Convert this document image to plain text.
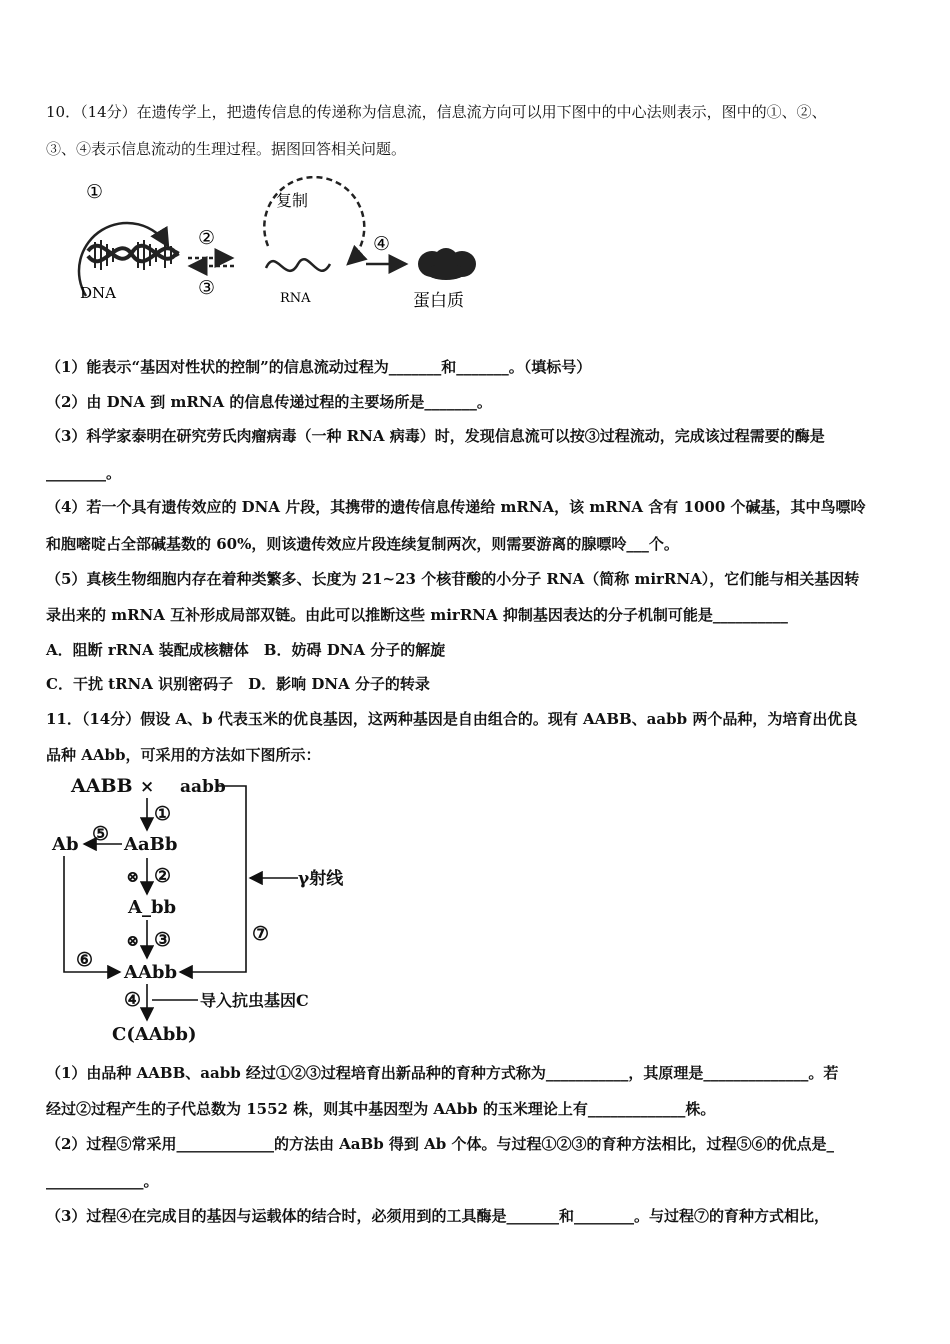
10．（14分）在遗传学上，把遗传信息的传递称为信息流，信息流方向可以用下图中的中心法则表示，图中的①、②、
③、④表示信息流动的生理过程。据图回答相关问题。
①
DNA
②
③
复制
RNA
④
蛋白质
（1）能表示“基因对性状的控制”的信息流动过程为_______和_______。（填标号）
（2）由 DNA 到 mRNA 的信息传递过程的主要场所是_______。
（3）科学家泰明在研究劳氏肉瘤病毒（一种 RNA 病毒）时，发现信息流可以按③过程流动，完成该过程需要的酶是
________。
（4）若一个具有遗传效应的 DNA 片段，其携带的遗传信息传递给 mRNA，该 mRNA 含有 1000 个碱基，其中鸟嘌呤
和胞嘧啶占全部碱基数的 60%，则该遗传效应片段连续复制两次，则需要游离的腺嘌呤___个。
（5）真核生物细胞内存在着种类繁多、长度为 21~23 个核苷酸的小分子 RNA（简称 mirRNA），它们能与相关基因转
录出来的 mRNA 互补形成局部双链。由此可以推断这些 mirRNA 抑制基因表达的分子机制可能是__________
A．阻断 rRNA 装配成核糖体　B．妨碍 DNA 分子的解旋
C．干扰 tRNA 识别密码子　D．影响 DNA 分子的转录
11．（14分）假设 A、b 代表玉米的优良基因，这两种基因是自由组合的。现有 AABB、aabb 两个品种，为培育出优良
品种 AAbb，可采用的方法如下图所示：
AABB × aabb
①
Ab ⑤ AaBb
⊗ ②
A_bb
⊗ ③
⑥
AAbb
④
C(AAbb)
⑦
γ射线
导入抗虫基因C
（1）由品种 AABB、aabb 经过①②③过程培育出新品种的育种方式称为___________，其原理是______________。若
经过②过程产生的子代总数为 1552 株，则其中基因型为 AAbb 的玉米理论上有_____________株。
（2）过程⑤常采用_____________的方法由 AaBb 得到 Ab 个体。与过程①②③的育种方法相比，过程⑤⑥的优点是_
_____________。
（3）过程④在完成目的基因与运载体的结合时，必须用到的工具酶是_______和________。与过程⑦的育种方式相比，
